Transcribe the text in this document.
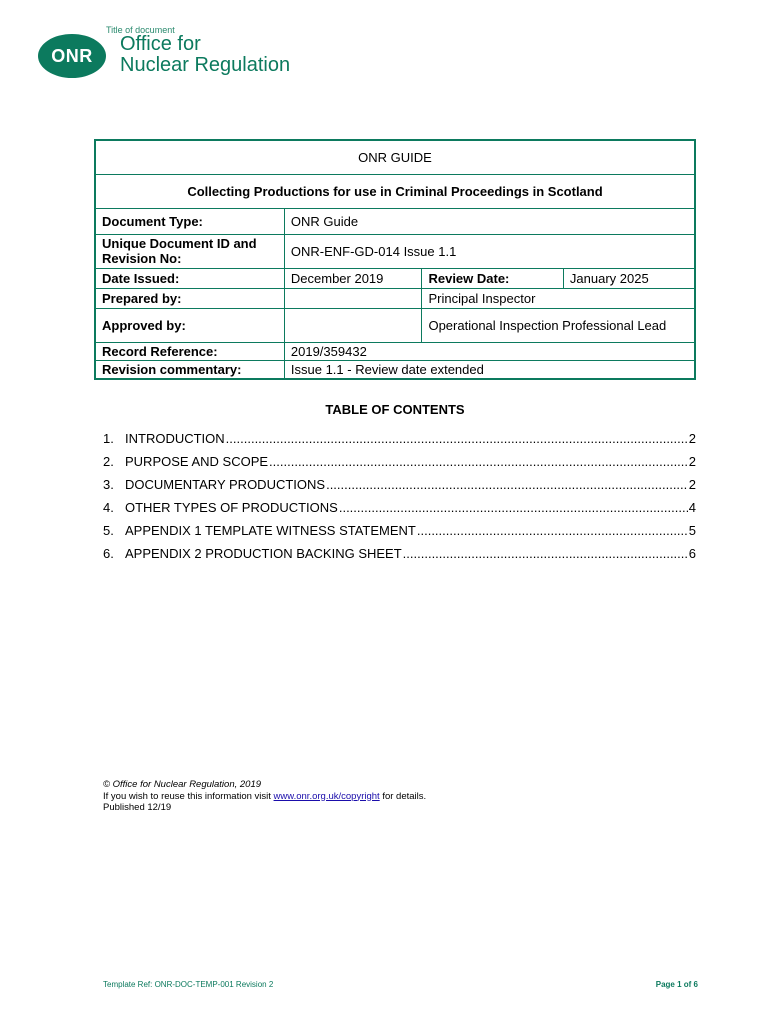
Title of document
ONR
Office for
Nuclear Regulation
ONR GUIDE			
Collecting Productions for use in Criminal Proceedings in Scotland			
Document Type:	ONR Guide		
Unique Document ID and Revision No:	ONR-ENF-GD-014 Issue 1.1		
Date Issued:	December 2019	Review Date:	January 2025
Prepared by:		Principal Inspector	
Approved by:		Operational Inspection Professional Lead	
Record Reference:	2019/359432		
Revision commentary:	Issue 1.1 - Review date extended		
TABLE OF CONTENTS
1. INTRODUCTION .....	2
2. PURPOSE AND SCOPE .....	2
3. DOCUMENTARY PRODUCTIONS .....	2
4. OTHER TYPES OF PRODUCTIONS .....	4
5. APPENDIX 1 TEMPLATE WITNESS STATEMENT .....	5
6. APPENDIX 2 PRODUCTION BACKING SHEET .....	6
© Office for Nuclear Regulation, 2019
If you wish to reuse this information visit www.onr.org.uk/copyright for details.
Published 12/19
Template Ref: ONR-DOC-TEMP-001 Revision 2	Page 1 of 6
